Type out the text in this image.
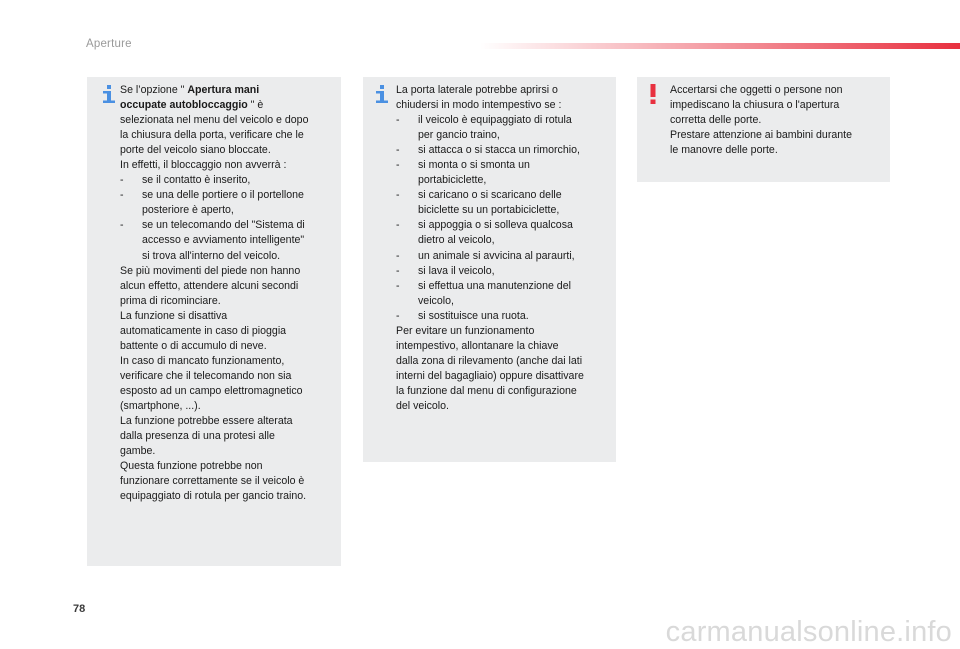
Aperture
Se l’opzione " Apertura mani
occupate autobloccaggio " è
selezionata nel menu del veicolo e dopo
la chiusura della porta, verificare che le
porte del veicolo siano bloccate.
In effetti, il bloccaggio non avverrà :
-	se il contatto è inserito,
-	se una delle portiere o il portellone
posteriore è aperto,
-	se un telecomando del "Sistema di
accesso e avviamento intelligente"
si trova all'interno del veicolo.
Se più movimenti del piede non hanno
alcun effetto, attendere alcuni secondi
prima di ricominciare.
La funzione si disattiva
automaticamente in caso di pioggia
battente o di accumulo di neve.
In caso di mancato funzionamento,
verificare che il telecomando non sia
esposto ad un campo elettromagnetico
(smartphone, ...).
La funzione potrebbe essere alterata
dalla presenza di una protesi alle
gambe.
Questa funzione potrebbe non
funzionare correttamente se il veicolo è
equipaggiato di rotula per gancio traino.
La porta laterale potrebbe aprirsi o
chiudersi in modo intempestivo se :
-	il veicolo è equipaggiato di rotula
per gancio traino,
-	si attacca o si stacca un rimorchio,
-	si monta o si smonta un
portabiciclette,
-	si caricano o si scaricano delle
biciclette su un portabiciclette,
-	si appoggia o si solleva qualcosa
dietro al veicolo,
-	un animale si avvicina al paraurti,
-	si lava il veicolo,
-	si effettua una manutenzione del
veicolo,
-	si sostituisce una ruota.
Per evitare un funzionamento
intempestivo, allontanare la chiave
dalla zona di rilevamento (anche dai lati
interni del bagagliaio) oppure disattivare
la funzione dal menu di configurazione
del veicolo.
Accertarsi che oggetti o persone non
impediscano la chiusura o l'apertura
corretta delle porte.
Prestare attenzione ai bambini durante
le manovre delle porte.
78
carmanualsonline.info
